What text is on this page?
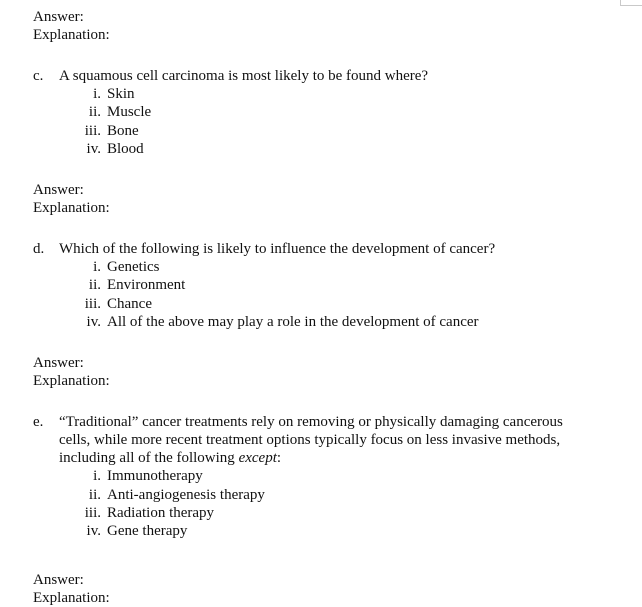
Answer:
Explanation:
c. A squamous cell carcinoma is most likely to be found where?
i. Skin
ii. Muscle
iii. Bone
iv. Blood
Answer:
Explanation:
d. Which of the following is likely to influence the development of cancer?
i. Genetics
ii. Environment
iii. Chance
iv. All of the above may play a role in the development of cancer
Answer:
Explanation:
e. “Traditional” cancer treatments rely on removing or physically damaging cancerous
cells, while more recent treatment options typically focus on less invasive methods,
including all of the following except:
i. Immunotherapy
ii. Anti-angiogenesis therapy
iii. Radiation therapy
iv. Gene therapy
Answer:
Explanation:
